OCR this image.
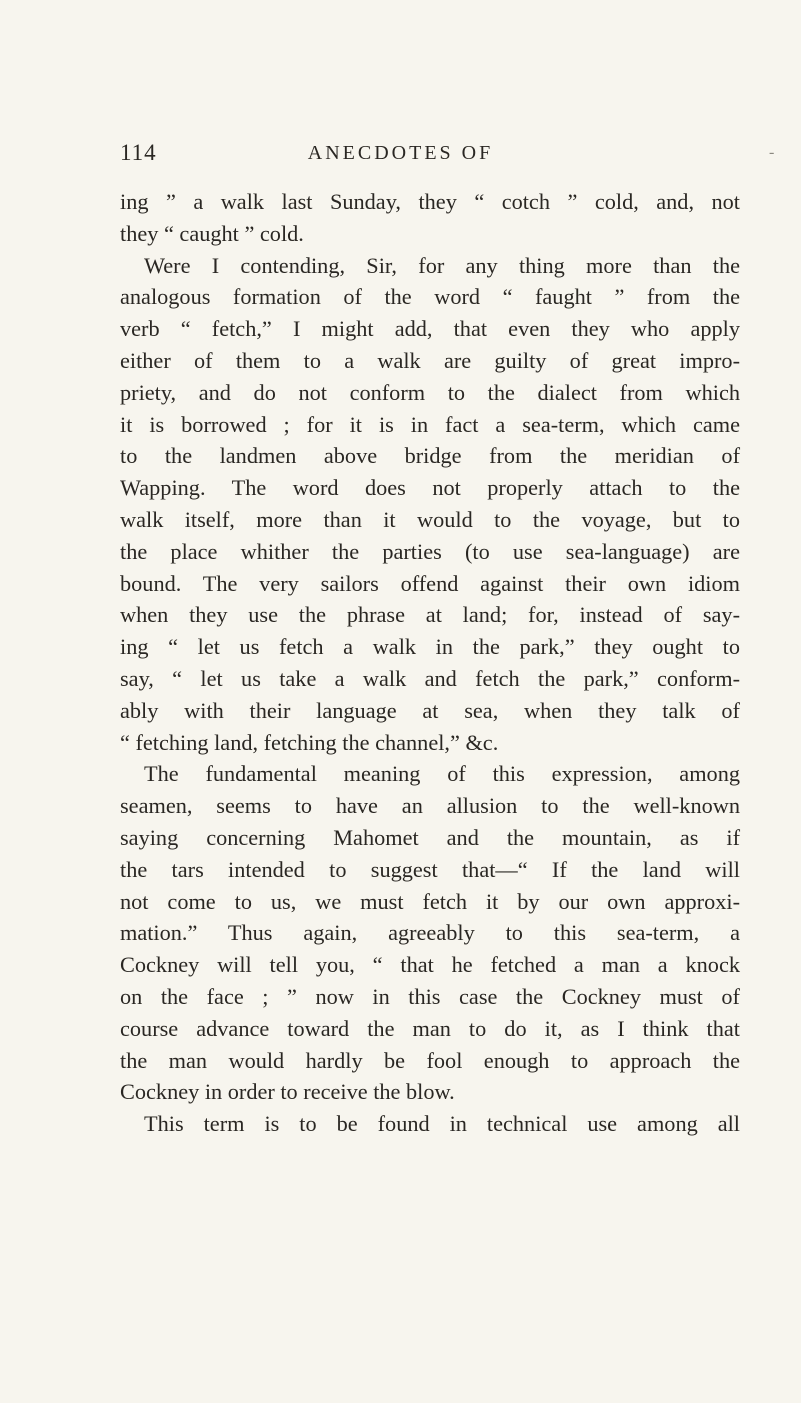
114	ANECDOTES OF	-
ing ” a walk last Sunday, they “ cotch ” cold, and, not
they “ caught ” cold.
Were I contending, Sir, for any thing more than the
analogous formation of the word “ faught ” from the
verb “ fetch,” I might add, that even they who apply
either of them to a walk are guilty of great impro-
priety, and do not conform to the dialect from which
it is borrowed ; for it is in fact a sea-term, which came
to the landmen above bridge from the meridian of
Wapping. The word does not properly attach to the
walk itself, more than it would to the voyage, but to
the place whither the parties (to use sea-language) are
bound. The very sailors offend against their own idiom
when they use the phrase at land; for, instead of say-
ing “ let us fetch a walk in the park,” they ought to
say, “ let us take a walk and fetch the park,” conform-
ably with their language at sea, when they talk of
“ fetching land, fetching the channel,” &c.
The fundamental meaning of this expression, among
seamen, seems to have an allusion to the well-known
saying concerning Mahomet and the mountain, as if
the tars intended to suggest that—“ If the land will
not come to us, we must fetch it by our own approxi-
mation.” Thus again, agreeably to this sea-term, a
Cockney will tell you, “ that he fetched a man a knock
on the face ; ” now in this case the Cockney must of
course advance toward the man to do it, as I think that
the man would hardly be fool enough to approach the
Cockney in order to receive the blow.
This term is to be found in technical use among all
